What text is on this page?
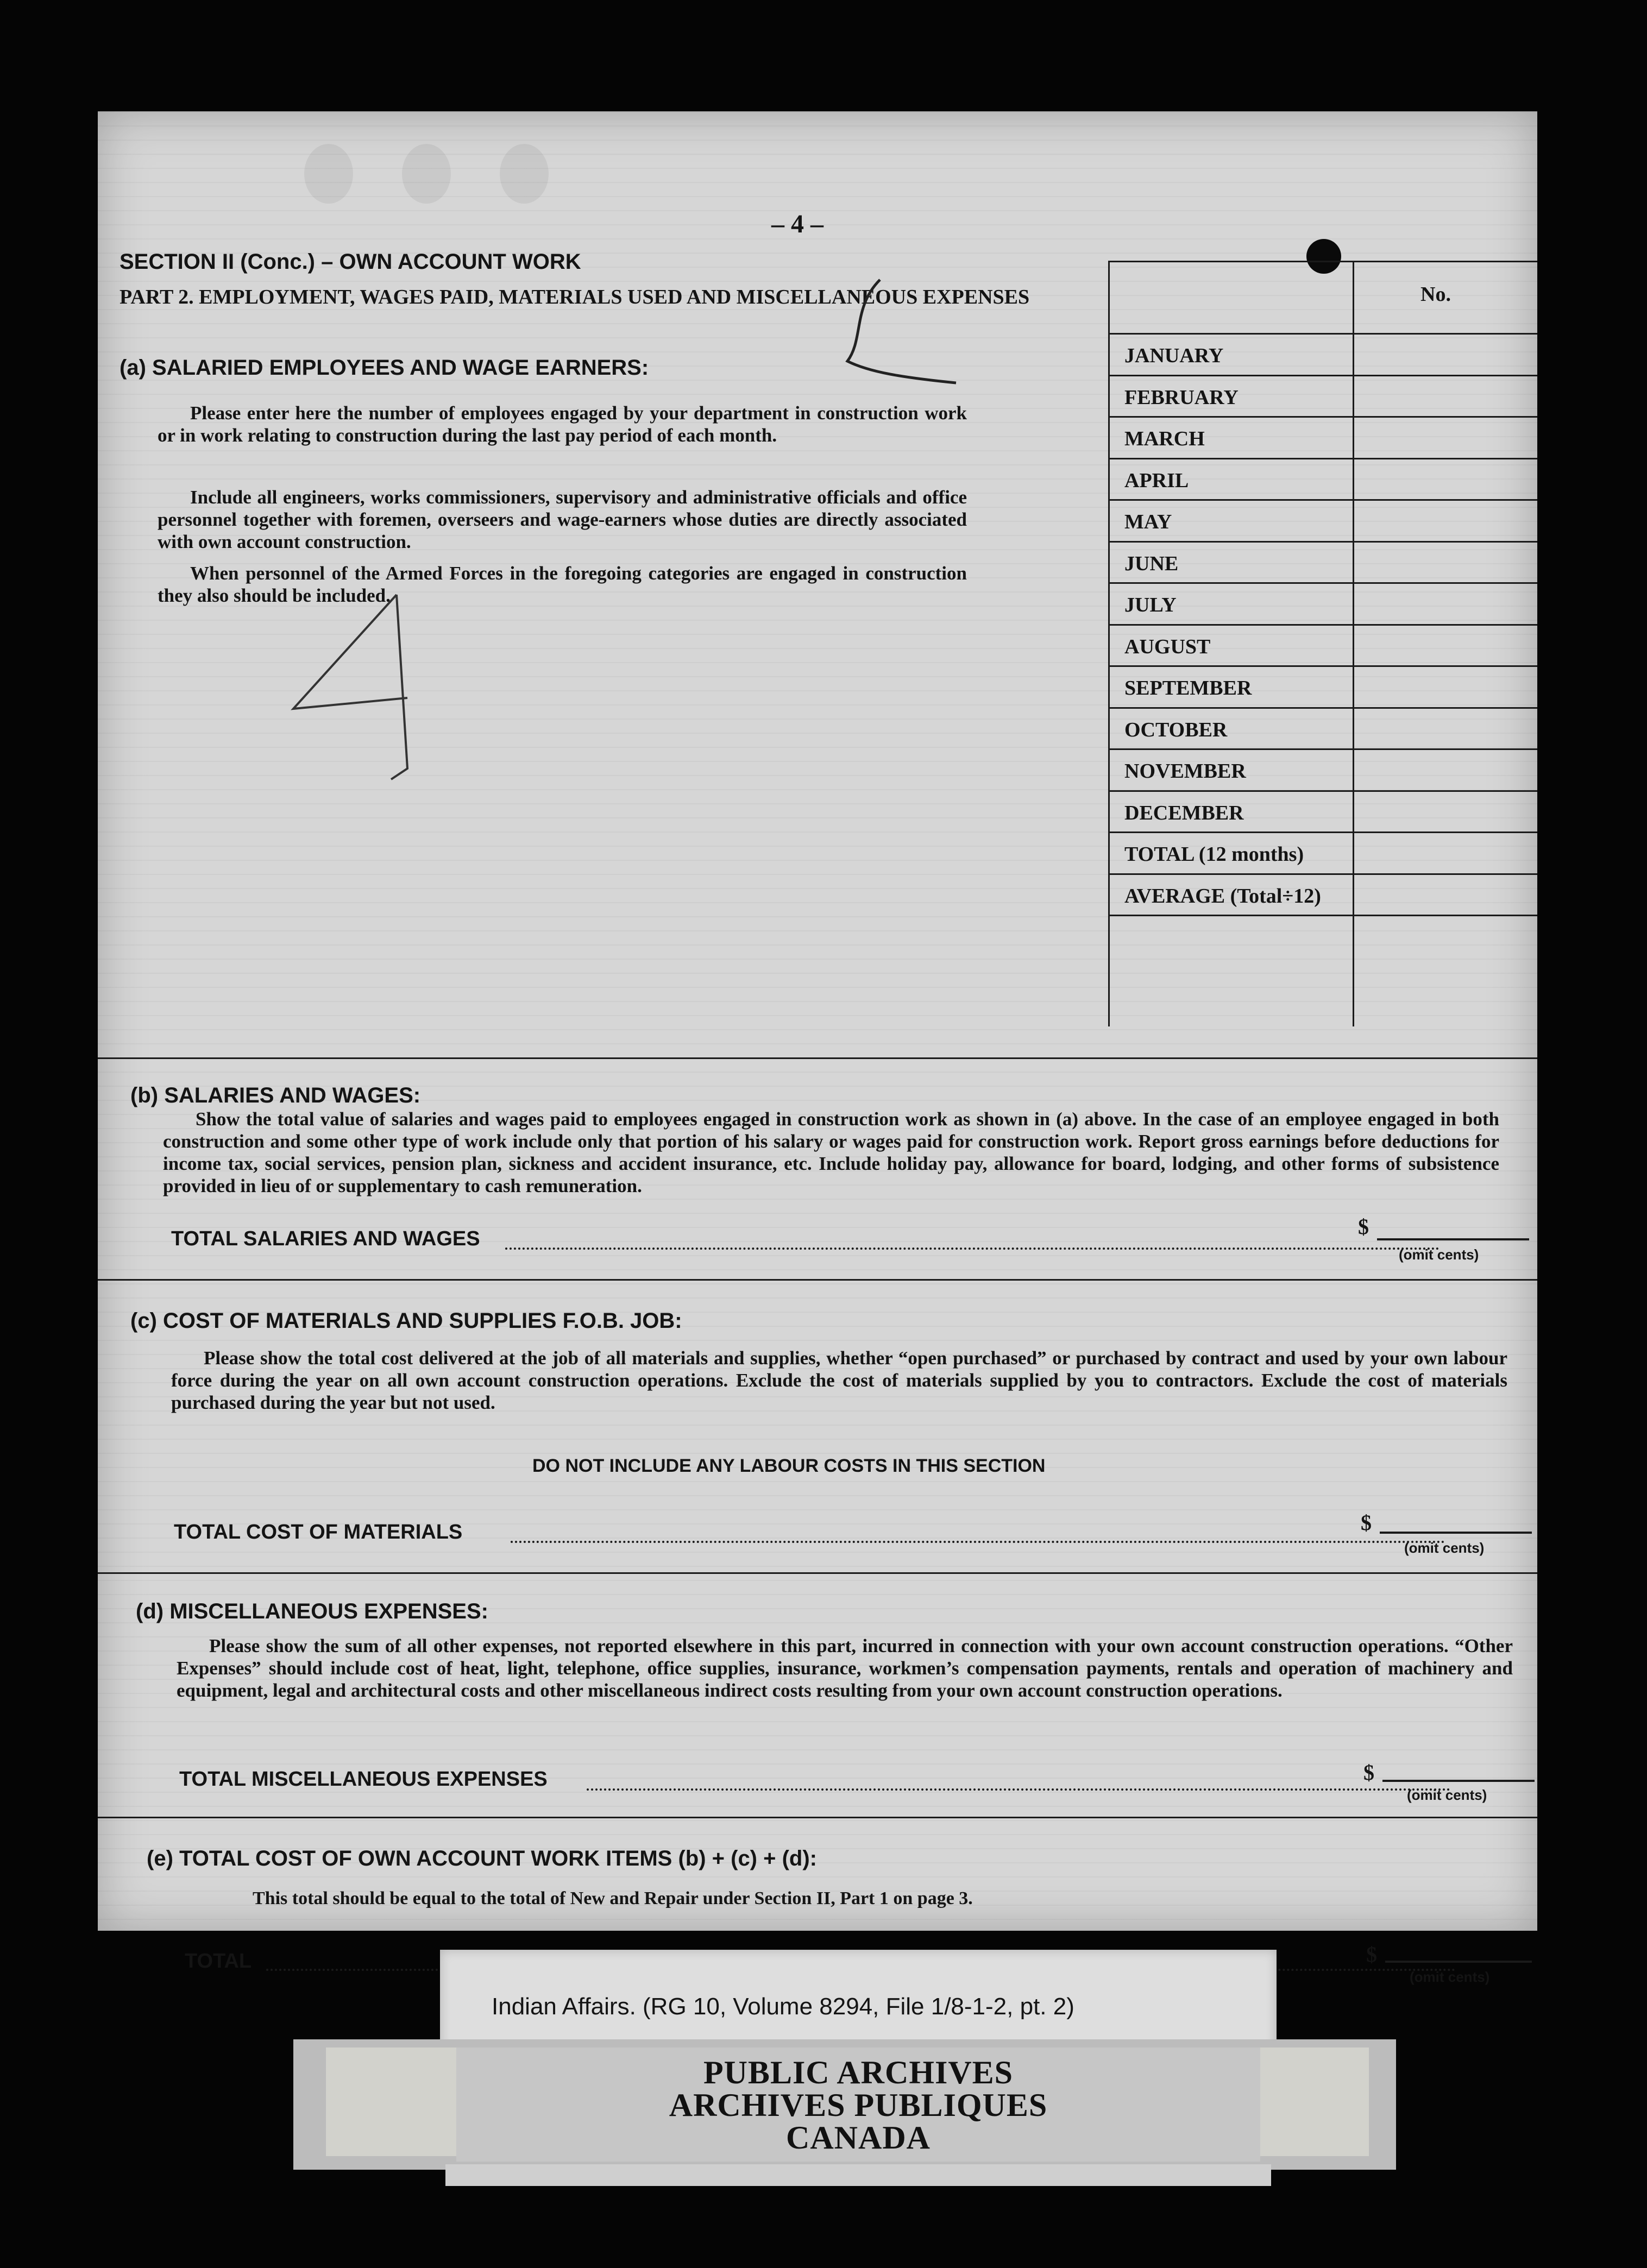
– 4 –
SECTION II (Conc.) – OWN ACCOUNT WORK
PART 2. EMPLOYMENT, WAGES PAID, MATERIALS USED AND MISCELLANEOUS EXPENSES
(a) SALARIED EMPLOYEES AND WAGE EARNERS:
Please enter here the number of employees engaged by your department in construction work or in work relating to construction during the last pay period of each month.
Include all engineers, works commissioners, supervisory and administrative officials and office personnel together with foremen, overseers and wage-earners whose duties are directly associated with own account construction.
When personnel of the Armed Forces in the foregoing categories are engaged in construction they also should be included.
No.
JANUARY
FEBRUARY
MARCH
APRIL
MAY
JUNE
JULY
AUGUST
SEPTEMBER
OCTOBER
NOVEMBER
DECEMBER
TOTAL (12 months)
AVERAGE (Total÷12)
(b) SALARIES AND WAGES:
Show the total value of salaries and wages paid to employees engaged in construction work as shown in (a) above. In the case of an employee engaged in both construction and some other type of work include only that portion of his salary or wages paid for construction work. Report gross earnings before deductions for income tax, social services, pension plan, sickness and accident insurance, etc. Include holiday pay, allowance for board, lodging, and other forms of subsistence provided in lieu of or supplementary to cash remuneration.
TOTAL SALARIES AND WAGES	$
(omit cents)
(c) COST OF MATERIALS AND SUPPLIES F.O.B. JOB:
Please show the total cost delivered at the job of all materials and supplies, whether “open purchased” or purchased by contract and used by your own labour force during the year on all own account construction operations. Exclude the cost of materials supplied by you to contractors. Exclude the cost of materials purchased during the year but not used.
DO NOT INCLUDE ANY LABOUR COSTS IN THIS SECTION
TOTAL COST OF MATERIALS	$
(omit cents)
(d) MISCELLANEOUS EXPENSES:
Please show the sum of all other expenses, not reported elsewhere in this part, incurred in connection with your own account construction operations. “Other Expenses” should include cost of heat, light, telephone, office supplies, insurance, workmen’s compensation payments, rentals and operation of machinery and equipment, legal and architectural costs and other miscellaneous indirect costs resulting from your own account construction operations.
TOTAL MISCELLANEOUS EXPENSES	$
(omit cents)
(e) TOTAL COST OF OWN ACCOUNT WORK ITEMS (b) + (c) + (d):
This total should be equal to the total of New and Repair under Section II, Part 1 on page 3.
TOTAL	$
(omit cents)
Indian Affairs. (RG 10, Volume 8294, File 1/8-1-2, pt. 2)
PUBLIC ARCHIVES
ARCHIVES PUBLIQUES
CANADA
